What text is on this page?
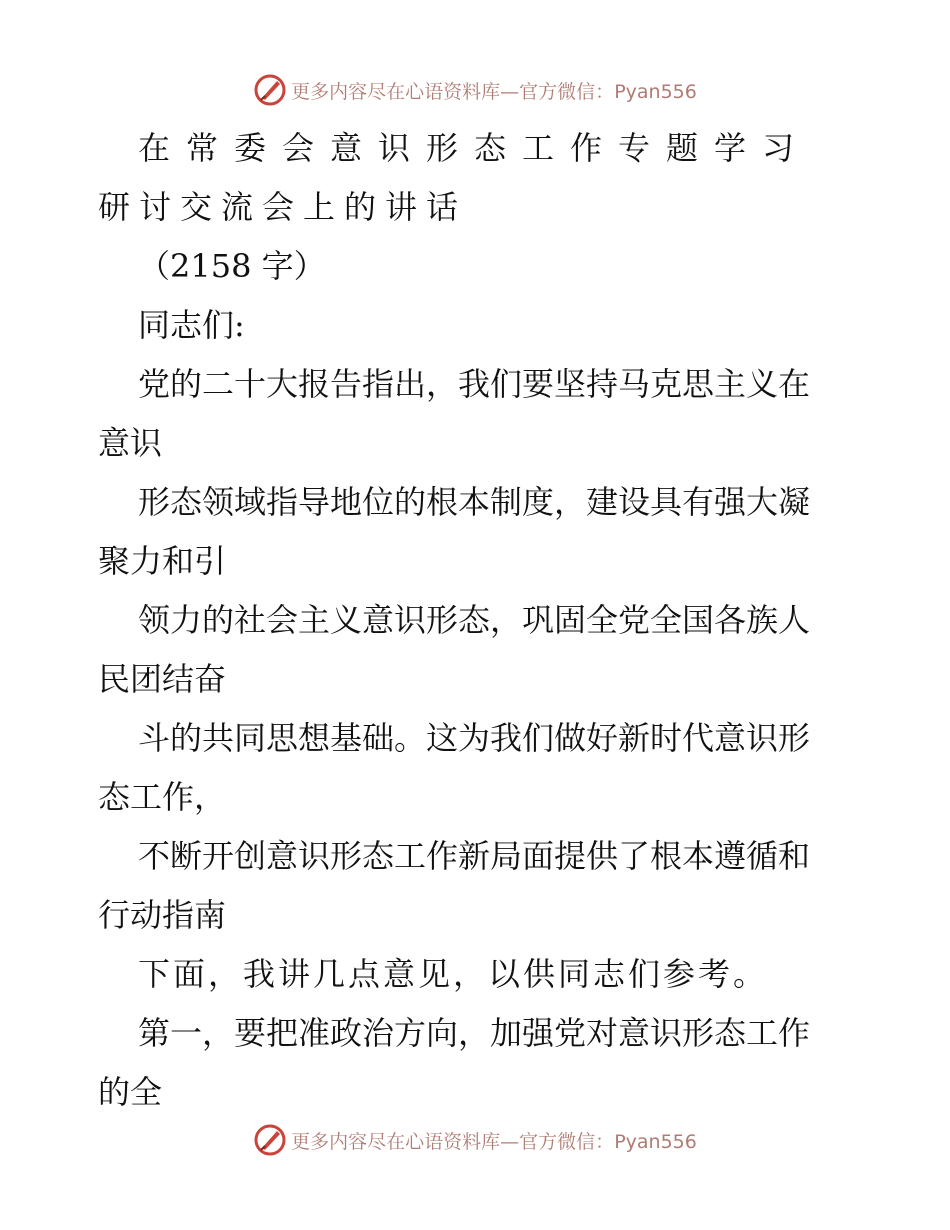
更多内容尽在心语资料库—官方微信：Pyan556
在常委会意识形态工作专题学习
研讨交流会上的讲话
（2158 字）
同志们:
党的二十大报告指出，我们要坚持马克思主义在
意识
形态领域指导地位的根本制度，建设具有强大凝
聚力和引
领力的社会主义意识形态，巩固全党全国各族人
民团结奋
斗的共同思想基础。这为我们做好新时代意识形
态工作，
不断开创意识形态工作新局面提供了根本遵循和
行动指南
下面，我讲几点意见，以供同志们参考。
第一，要把准政治方向，加强党对意识形态工作
的全
更多内容尽在心语资料库—官方微信：Pyan556
